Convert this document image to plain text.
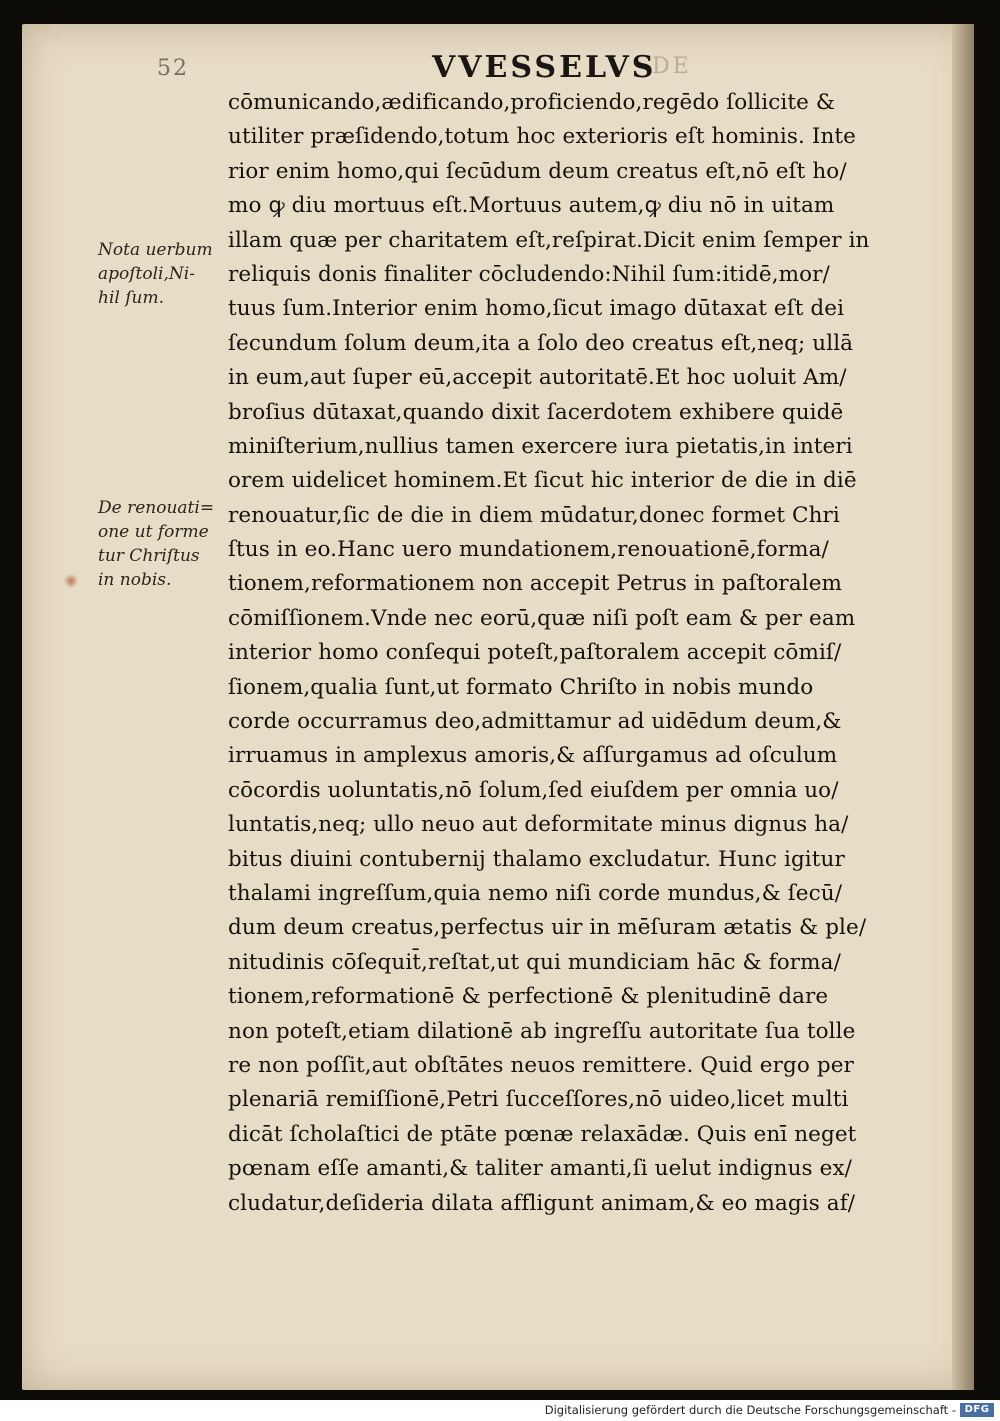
52	VVESSELVS
DE
Nota uerbum
apoſtoli,Ni-
hil ſum.
De renouati=
one ut forme
tur Chriſtus
in nobis.
cōmunicando,ædificando,proficiendo,regēdo ſollicite &
utiliter præſidendo,totum hoc exterioris eſt hominis. Inte
rior enim homo,qui ſecūdum deum creatus eſt,nō eſt ho/
mo ꝙ diu mortuus eſt.Mortuus autem,ꝙ diu nō in uitam
illam quæ per charitatem eſt,reſpirat.Dicit enim ſemper in
reliquis donis finaliter cōcludendo:Nihil ſum:itidē,mor/
tuus ſum.Interior enim homo,ſicut imago dūtaxat eſt dei
ſecundum ſolum deum,ita a ſolo deo creatus eſt,neq; ullā
in eum,aut ſuper eū,accepit autoritatē.Et hoc uoluit Am/
broſius dūtaxat,quando dixit ſacerdotem exhibere quidē
miniſterium,nullius tamen exercere iura pietatis,in interi
orem uidelicet hominem.Et ſicut hic interior de die in diē
renouatur,ſic de die in diem mūdatur,donec formet Chri
ſtus in eo.Hanc uero mundationem,renouationē,forma/
tionem,reformationem non accepit Petrus in paſtoralem
cōmiſſionem.Vnde nec eorū,quæ niſi poſt eam & per eam
interior homo conſequi poteſt,paſtoralem accepit cōmiſ/
ſionem,qualia ſunt,ut formato Chriſto in nobis mundo
corde occurramus deo,admittamur ad uidēdum deum,&
irruamus in amplexus amoris,& aſſurgamus ad oſculum
cōcordis uoluntatis,nō ſolum,ſed eiuſdem per omnia uo/
luntatis,neq; ullo neuo aut deformitate minus dignus ha/
bitus diuini contubernij thalamo excludatur. Hunc igitur
thalami ingreſſum,quia nemo niſi corde mundus,& ſecū/
dum deum creatus,perfectus uir in mēſuram ætatis & ple/
nitudinis cōſequit̄,reſtat,ut qui mundiciam hāc & forma/
tionem,reformationē & perfectionē & plenitudinē dare
non poteſt,etiam dilationē ab ingreſſu autoritate ſua tolle
re non poſſit,aut obſtātes neuos remittere. Quid ergo per
plenariā remiſſionē,Petri ſucceſſores,nō uideo,licet multi
dicāt ſcholaſtici de ptāte pœnæ relaxādæ. Quis enī neget
pœnam eſſe amanti,& taliter amanti,ſi uelut indignus ex/
cludatur,deſideria dilata affligunt animam,& eo magis af/
Digitalisierung gefördert durch die Deutsche Forschungsgemeinschaft - DFG
